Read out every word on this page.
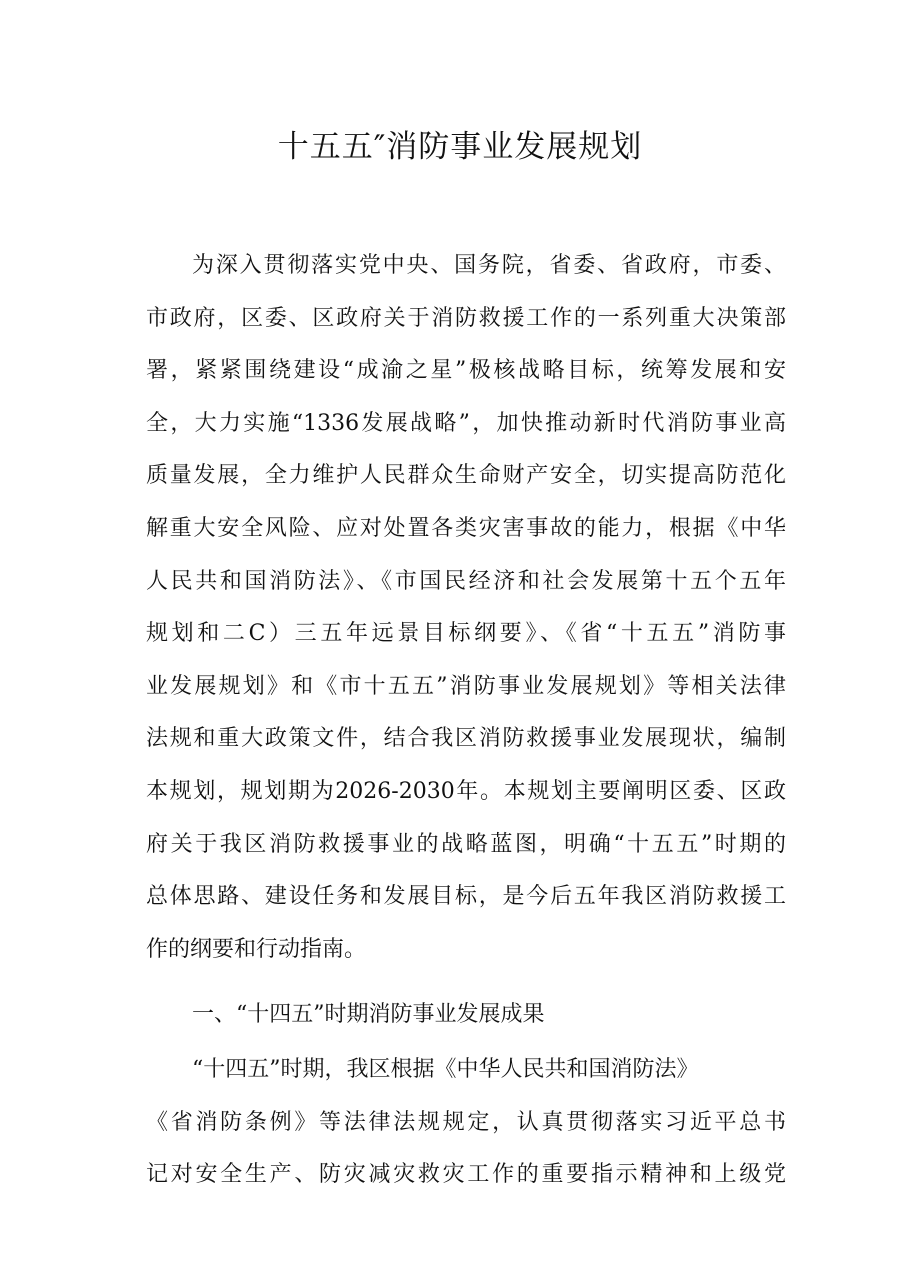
十五五″消防事业发展规划
为深入贯彻落实党中央、国务院，省委、省政府，市委、
市政府，区委、区政府关于消防救援工作的一系列重大决策部
署，紧紧围绕建设“成渝之星”极核战略目标，统筹发展和安
全，大力实施“1336发展战略”，加快推动新时代消防事业高
质量发展，全力维护人民群众生命财产安全，切实提高防范化
解重大安全风险、应对处置各类灾害事故的能力，根据《中华
人民共和国消防法》、《市国民经济和社会发展第十五个五年
规划和二C）三五年远景目标纲要》、《省“十五五”消防事
业发展规划》和《市十五五”消防事业发展规划》等相关法律
法规和重大政策文件，结合我区消防救援事业发展现状，编制
本规划，规划期为2026-2030年。本规划主要阐明区委、区政
府关于我区消防救援事业的战略蓝图，明确“十五五”时期的
总体思路、建设任务和发展目标，是今后五年我区消防救援工
作的纲要和行动指南。
一、“十四五”时期消防事业发展成果
“十四五”时期，我区根据《中华人民共和国消防法》
《省消防条例》等法律法规规定，认真贯彻落实习近平总书
记对安全生产、防灾减灾救灾工作的重要指示精神和上级党
